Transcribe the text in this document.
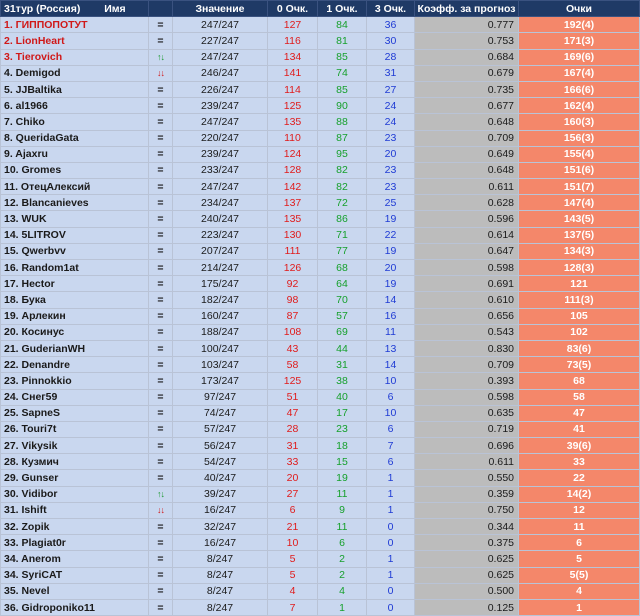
31тур (Россия) Имя		Значение	0 Очк.	1 Очк.	3 Очк.	Коэфф. за прогноз	Очки
1. ГИППОПОТУТ	=	247/247	127	84	36	0.777	192(4)
2. LionHeart	=	227/247	116	81	30	0.753	171(3)
3. Tierovich	↑↓	247/247	134	85	28	0.684	169(6)
4. Demigod	↓↓	246/247	141	74	31	0.679	167(4)
5. JJBaltika	=	226/247	114	85	27	0.735	166(6)
6. al1966	=	239/247	125	90	24	0.677	162(4)
7. Chiko	=	247/247	135	88	24	0.648	160(3)
8. QueridaGata	=	220/247	110	87	23	0.709	156(3)
9. Ajaxru	=	239/247	124	95	20	0.649	155(4)
10. Gromes	=	233/247	128	82	23	0.648	151(6)
11. ОтецАлексий	=	247/247	142	82	23	0.611	151(7)
12. Blancanieves	=	234/247	137	72	25	0.628	147(4)
13. WUK	=	240/247	135	86	19	0.596	143(5)
14. 5LITROV	=	223/247	130	71	22	0.614	137(5)
15. Qwerbvv	=	207/247	111	77	19	0.647	134(3)
16. Random1at	=	214/247	126	68	20	0.598	128(3)
17. Hector	=	175/247	92	64	19	0.691	121
18. Бука	=	182/247	98	70	14	0.610	111(3)
19. Арлекин	=	160/247	87	57	16	0.656	105
20. Косинус	=	188/247	108	69	11	0.543	102
21. GuderianWH	=	100/247	43	44	13	0.830	83(6)
22. Denandre	=	103/247	58	31	14	0.709	73(5)
23. Pinnokkio	=	173/247	125	38	10	0.393	68
24. Снег59	=	97/247	51	40	6	0.598	58
25. SapneS	=	74/247	47	17	10	0.635	47
26. Touri7t	=	57/247	28	23	6	0.719	41
27. Vikysik	=	56/247	31	18	7	0.696	39(6)
28. Кузмич	=	54/247	33	15	6	0.611	33
29. Gunser	=	40/247	20	19	1	0.550	22
30. Vidibor	↑↓	39/247	27	11	1	0.359	14(2)
31. Ishift	↓↓	16/247	6	9	1	0.750	12
32. Zopik	=	32/247	21	11	0	0.344	11
33. Plagiat0r	=	16/247	10	6	0	0.375	6
34. Anerom	=	8/247	5	2	1	0.625	5
34. SyriCAT	=	8/247	5	2	1	0.625	5(5)
35. Nevel	=	8/247	4	4	0	0.500	4
36. Gidroponiko11	=	8/247	7	1	0	0.125	1
